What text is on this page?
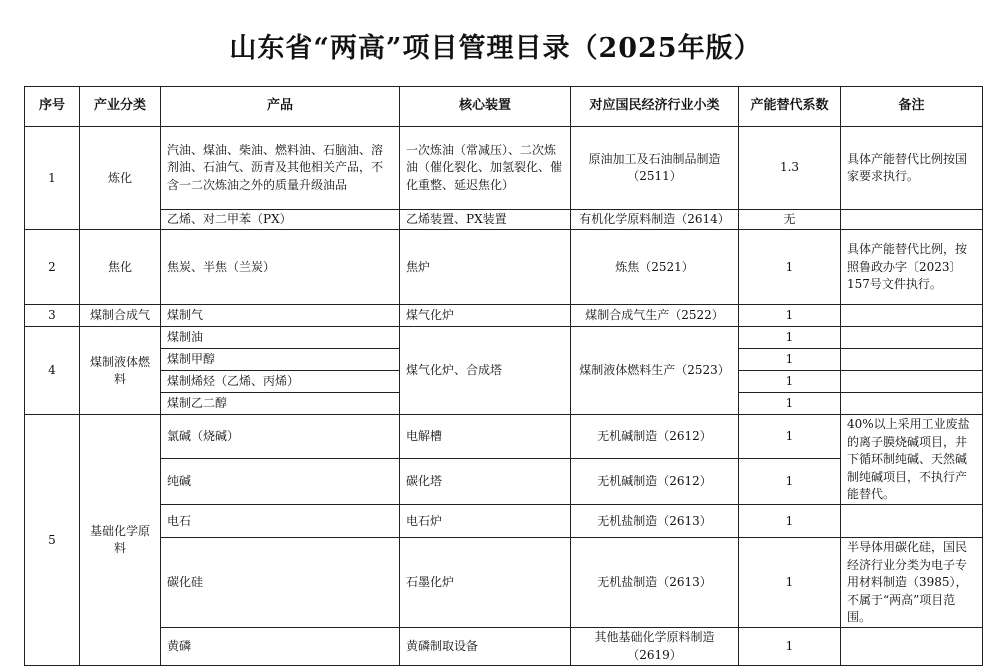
山东省“两高”项目管理目录（2025年版）
序号	产业分类	产品	核心装置	对应国民经济行业小类	产能替代系数	备注
1	炼化	汽油、煤油、柴油、燃料油、石脑油、溶剂油、石油气、沥青及其他相关产品，不含一二次炼油之外的质量升级油品	一次炼油（常减压）、二次炼油（催化裂化、加氢裂化、催化重整、延迟焦化）	原油加工及石油制品制造（2511）	1.3	具体产能替代比例按国家要求执行。
		乙烯、对二甲苯（PX）	乙烯装置、PX装置	有机化学原料制造（2614）	无	
2	焦化	焦炭、半焦（兰炭）	焦炉	炼焦（2521）	1	具体产能替代比例，按照鲁政办字〔2023〕157号文件执行。
3	煤制合成气	煤制气	煤气化炉	煤制合成气生产（2522）	1	
4	煤制液体燃料	煤制油	煤气化炉、合成塔	煤制液体燃料生产（2523）	1	
		煤制甲醇			1	
		煤制烯烃（乙烯、丙烯）			1	
		煤制乙二醇			1	
5	基础化学原料	氯碱（烧碱）	电解槽	无机碱制造（2612）	1	40%以上采用工业废盐的离子膜烧碱项目，井下循环制纯碱、天然碱制纯碱项目，不执行产能替代。
		纯碱	碳化塔	无机碱制造（2612）	1	
		电石	电石炉	无机盐制造（2613）	1	
		碳化硅	石墨化炉	无机盐制造（2613）	1	半导体用碳化硅，国民经济行业分类为电子专用材料制造（3985），不属于“两高”项目范围。
		黄磷	黄磷制取设备	其他基础化学原料制造（2619）	1	
